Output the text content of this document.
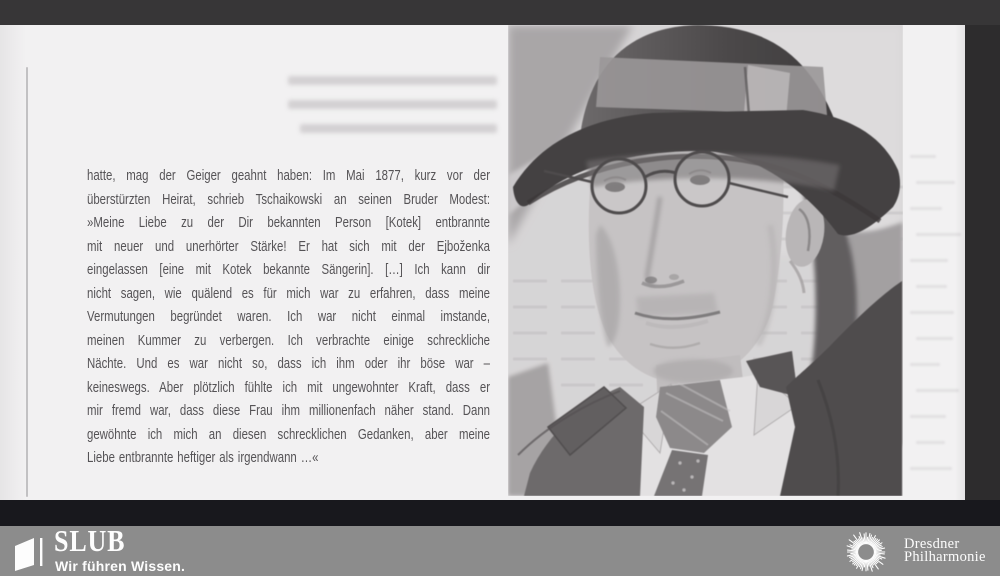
hatte, mag der Geiger geahnt haben: Im Mai 1877, kurz vor der
überstürzten Heirat, schrieb Tschaikowski an seinen Bruder Modest:
»Meine Liebe zu der Dir bekannten Person [Kotek] entbrannte
mit neuer und unerhörter Stärke! Er hat sich mit der Ejboženka
eingelassen [eine mit Kotek bekannte Sängerin]. […] Ich kann dir
nicht sagen, wie quälend es für mich war zu erfahren, dass meine
Vermutungen begründet waren. Ich war nicht einmal imstande,
meinen Kummer zu verbergen. Ich verbrachte einige schreckliche
Nächte. Und es war nicht so, dass ich ihm oder ihr böse war –
keineswegs. Aber plötzlich fühlte ich mit ungewohnter Kraft, dass er
mir fremd war, dass diese Frau ihm millionenfach näher stand. Dann
gewöhnte ich mich an diesen schrecklichen Gedanken, aber meine
Liebe entbrannte heftiger als irgendwann …«
SLUB
Wir führen Wissen.
Dresdner
Philharmonie
